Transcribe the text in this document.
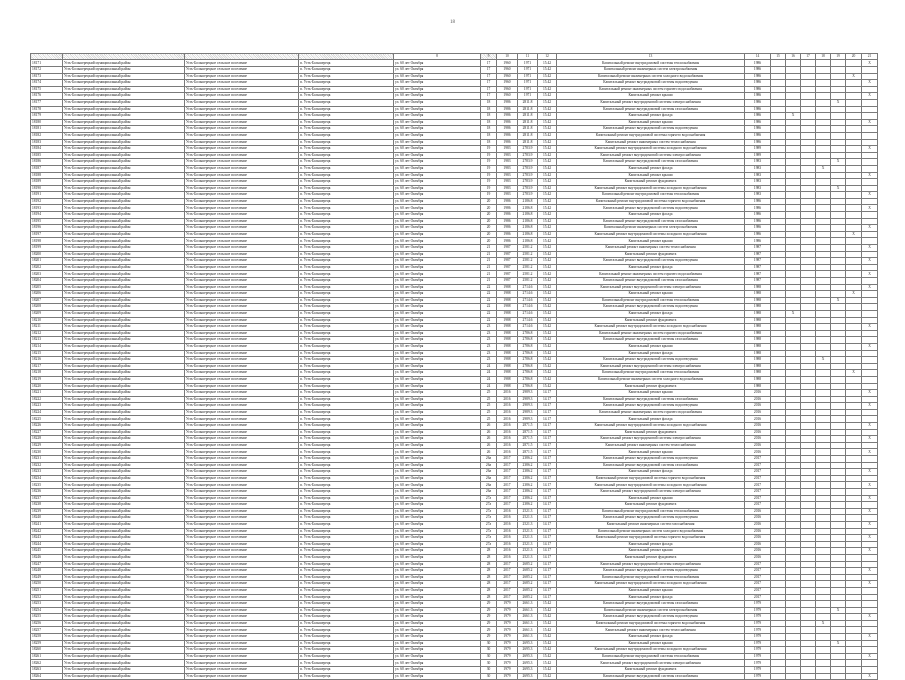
18
				8	9	10	11	12	13	14	15	16	17	18	19	20	21
18171	Усть-Большерецкий муниципальный район	Усть-Большерецкое сельское поселение	п. Усть-Большерецк	ул. 60 лет Октября	17	1960	1971	15.42	Капитальный ремонт внутридомовой системы теплоснабжения	1986							X
18172	Усть-Большерецкий муниципальный район	Усть-Большерецкое сельское поселение	п. Усть-Большерецк	ул. 60 лет Октября	17	1960	1971	15.42	Капитальный ремонт инженерных систем электроснабжения	1986							
18173	Усть-Большерецкий муниципальный район	Усть-Большерецкое сельское поселение	п. Усть-Большерецк	ул. 60 лет Октября	17	1960	1971	15.42	Капитальный ремонт инженерных систем холодного водоснабжения	1986						X	
18174	Усть-Большерецкий муниципальный район	Усть-Большерецкое сельское поселение	п. Усть-Большерецк	ул. 60 лет Октября	17	1960	1971	15.42	Капитальный ремонт внутридомовой системы водоотведения	1986							X
18175	Усть-Большерецкий муниципальный район	Усть-Большерецкое сельское поселение	п. Усть-Большерецк	ул. 60 лет Октября	17	1960	1971	15.42	Капитальный ремонт инженерных систем горячего водоснабжения	1986							
18176	Усть-Большерецкий муниципальный район	Усть-Большерецкое сельское поселение	п. Усть-Большерецк	ул. 60 лет Октября	17	1960	1971	15.42	Капитальный ремонт крыши	1986							X
18177	Усть-Большерецкий муниципальный район	Усть-Большерецкое сельское поселение	п. Усть-Большерецк	ул. 60 лет Октября	18	1986	2811.8	15.42	Капитальный ремонт внутридомовой системы электроснабжения	1986					X		
18178	Усть-Большерецкий муниципальный район	Усть-Большерецкое сельское поселение	п. Усть-Большерецк	ул. 60 лет Октября	18	1986	2811.8	15.42	Капитальный ремонт внутридомовой системы газоснабжения	1986							
18179	Усть-Большерецкий муниципальный район	Усть-Большерецкое сельское поселение	п. Усть-Большерецк	ул. 60 лет Октября	18	1986	2811.8	15.42	Капитальный ремонт фасада	1986		X					
18180	Усть-Большерецкий муниципальный район	Усть-Большерецкое сельское поселение	п. Усть-Большерецк	ул. 60 лет Октября	18	1986	2811.8	15.42	Капитальный ремонт крыши	1986							X
18181	Усть-Большерецкий муниципальный район	Усть-Большерецкое сельское поселение	п. Усть-Большерецк	ул. 60 лет Октября	18	1986	2811.8	15.42	Капитальный ремонт внутридомовой системы водоотведения	1986							
18182	Усть-Большерецкий муниципальный район	Усть-Большерецкое сельское поселение	п. Усть-Большерецк	ул. 60 лет Октября	18	1986	2811.8	15.42	Капитальный ремонт внутридомовой системы горячего водоснабжения	1986							
18183	Усть-Большерецкий муниципальный район	Усть-Большерецкое сельское поселение	п. Усть-Большерецк	ул. 60 лет Октября	18	1986	2811.8	15.42	Капитальный ремонт инженерных систем теплоснабжения	1986							
18184	Усть-Большерецкий муниципальный район	Усть-Большерецкое сельское поселение	п. Усть-Большерецк	ул. 60 лет Октября	19	1983	2783.9	15.42	Капитальный ремонт внутридомовой системы холодного водоснабжения	1989							X
18185	Усть-Большерецкий муниципальный район	Усть-Большерецкое сельское поселение	п. Усть-Большерецк	ул. 60 лет Октября	19	1983	2783.9	15.42	Капитальный ремонт внутридомовой системы электроснабжения	1989							
18186	Усть-Большерецкий муниципальный район	Усть-Большерецкое сельское поселение	п. Усть-Большерецк	ул. 60 лет Октября	19	1983	2783.9	15.42	Капитальный ремонт внутридомовой системы газоснабжения	1983					X		
18187	Усть-Большерецкий муниципальный район	Усть-Большерецкое сельское поселение	п. Усть-Большерецк	ул. 60 лет Октября	19	1983	2783.9	15.42	Капитальный ремонт фасада	1983				X			
18188	Усть-Большерецкий муниципальный район	Усть-Большерецкое сельское поселение	п. Усть-Большерецк	ул. 60 лет Октября	19	1983	2783.9	15.42	Капитальный ремонт крыши	1983							X
18189	Усть-Большерецкий муниципальный район	Усть-Большерецкое сельское поселение	п. Усть-Большерецк	ул. 60 лет Октября	19	1983	2783.9	15.42	Капитальный ремонт фундамента	1983							
18190	Усть-Большерецкий муниципальный район	Усть-Большерецкое сельское поселение	п. Усть-Большерецк	ул. 60 лет Октября	19	1983	2783.9	15.42	Капитальный ремонт внутридомовой системы холодного водоснабжения	1983					X		
18191	Усть-Большерецкий муниципальный район	Усть-Большерецкое сельское поселение	п. Усть-Большерецк	ул. 60 лет Октября	19	1983	2783.9	15.42	Капитальный ремонт внутридомовой системы теплоснабжения	1983							X
18192	Усть-Большерецкий муниципальный район	Усть-Большерецкое сельское поселение	п. Усть-Большерецк	ул. 60 лет Октября	20	1986	2186.8	15.42	Капитальный ремонт внутридомовой системы горячего водоснабжения	1986							
18193	Усть-Большерецкий муниципальный район	Усть-Большерецкое сельское поселение	п. Усть-Большерецк	ул. 60 лет Октября	20	1986	2186.8	15.42	Капитальный ремонт внутридомовой системы водоотведения	1986							X
18194	Усть-Большерецкий муниципальный район	Усть-Большерецкое сельское поселение	п. Усть-Большерецк	ул. 60 лет Октября	20	1986	2186.8	15.42	Капитальный ремонт фасада	1986							
18195	Усть-Большерецкий муниципальный район	Усть-Большерецкое сельское поселение	п. Усть-Большерецк	ул. 60 лет Октября	20	1986	2186.8	15.42	Капитальный ремонт внутридомовой системы газоснабжения	1986							
18196	Усть-Большерецкий муниципальный район	Усть-Большерецкое сельское поселение	п. Усть-Большерецк	ул. 60 лет Октября	20	1986	2186.8	15.42	Капитальный ремонт инженерных систем электроснабжения	1986							X
18197	Усть-Большерецкий муниципальный район	Усть-Большерецкое сельское поселение	п. Усть-Большерецк	ул. 60 лет Октября	20	1986	2186.8	15.42	Капитальный ремонт внутридомовой системы холодного водоснабжения	1986						X	
18198	Усть-Большерецкий муниципальный район	Усть-Большерецкое сельское поселение	п. Усть-Большерецк	ул. 60 лет Октября	20	1986	2186.8	15.42	Капитальный ремонт крыши	1986							
18199	Усть-Большерецкий муниципальный район	Усть-Большерецкое сельское поселение	п. Усть-Большерецк	ул. 60 лет Октября	21	1987	2581.2	15.42	Капитальный ремонт инженерных систем теплоснабжения	1987							X
18200	Усть-Большерецкий муниципальный район	Усть-Большерецкое сельское поселение	п. Усть-Большерецк	ул. 60 лет Октября	21	1987	2581.2	15.42	Капитальный ремонт фундамента	1987							
18201	Усть-Большерецкий муниципальный район	Усть-Большерецкое сельское поселение	п. Усть-Большерецк	ул. 60 лет Октября	21	1987	2581.2	15.42	Капитальный ремонт внутридомовой системы водоотведения	1987							X
18202	Усть-Большерецкий муниципальный район	Усть-Большерецкое сельское поселение	п. Усть-Большерецк	ул. 60 лет Октября	21	1987	2581.2	15.42	Капитальный ремонт фасада	1987							
18203	Усть-Большерецкий муниципальный район	Усть-Большерецкое сельское поселение	п. Усть-Большерецк	ул. 60 лет Октября	21	1987	2581.2	15.42	Капитальный ремонт инженерных систем горячего водоснабжения	1987							X
18204	Усть-Большерецкий муниципальный район	Усть-Большерецкое сельское поселение	п. Усть-Большерецк	ул. 60 лет Октября	21	1987	2581.2	15.42	Капитальный ремонт внутридомовой системы газоснабжения	1987							
18205	Усть-Большерецкий муниципальный район	Усть-Большерецкое сельское поселение	п. Усть-Большерецк	ул. 60 лет Октября	22	1988	2714.6	15.42	Капитальный ремонт внутридомовой системы электроснабжения	1988							X
18206	Усть-Большерецкий муниципальный район	Усть-Большерецкое сельское поселение	п. Усть-Большерецк	ул. 60 лет Октября	22	1988	2714.6	15.42	Капитальный ремонт крыши	1988						X	
18207	Усть-Большерецкий муниципальный район	Усть-Большерецкое сельское поселение	п. Усть-Большерецк	ул. 60 лет Октября	22	1988	2714.6	15.42	Капитальный ремонт внутридомовой системы теплоснабжения	1988					X		
18208	Усть-Большерецкий муниципальный район	Усть-Большерецкое сельское поселение	п. Усть-Большерецк	ул. 60 лет Октября	22	1988	2714.6	15.42	Капитальный ремонт внутридомовой системы водоотведения	1988							
18209	Усть-Большерецкий муниципальный район	Усть-Большерецкое сельское поселение	п. Усть-Большерецк	ул. 60 лет Октября	22	1988	2714.6	15.42	Капитальный ремонт фасада	1988		X					
18210	Усть-Большерецкий муниципальный район	Усть-Большерецкое сельское поселение	п. Усть-Большерецк	ул. 60 лет Октября	22	1988	2714.6	15.42	Капитальный ремонт фундамента	1988							
18211	Усть-Большерецкий муниципальный район	Усть-Большерецкое сельское поселение	п. Усть-Большерецк	ул. 60 лет Октября	23	1988	2714.6	15.42	Капитальный ремонт внутридомовой системы холодного водоснабжения	1988							X
18212	Усть-Большерецкий муниципальный район	Усть-Большерецкое сельское поселение	п. Усть-Большерецк	ул. 60 лет Октября	23	1988	2786.8	15.42	Капитальный ремонт инженерных систем горячего водоснабжения	1988							
18213	Усть-Большерецкий муниципальный район	Усть-Большерецкое сельское поселение	п. Усть-Большерецк	ул. 60 лет Октября	23	1988	2786.8	15.42	Капитальный ремонт внутридомовой системы газоснабжения	1988							
18214	Усть-Большерецкий муниципальный район	Усть-Большерецкое сельское поселение	п. Усть-Большерецк	ул. 60 лет Октября	23	1988	2786.8	15.42	Капитальный ремонт крыши	1988							X
18215	Усть-Большерецкий муниципальный район	Усть-Большерецкое сельское поселение	п. Усть-Большерецк	ул. 60 лет Октября	23	1988	2786.8	15.42	Капитальный ремонт фасада	1988							
18216	Усть-Большерецкий муниципальный район	Усть-Большерецкое сельское поселение	п. Усть-Большерецк	ул. 60 лет Октября	23	1988	2786.8	15.42	Капитальный ремонт внутридомовой системы водоотведения	1988				X			
18217	Усть-Большерецкий муниципальный район	Усть-Большерецкое сельское поселение	п. Усть-Большерецк	ул. 60 лет Октября	24	1988	2786.8	15.42	Капитальный ремонт внутридомовой системы электроснабжения	1988							
18218	Усть-Большерецкий муниципальный район	Усть-Большерецкое сельское поселение	п. Усть-Большерецк	ул. 60 лет Октября	24	1988	2786.8	15.42	Капитальный ремонт внутридомовой системы теплоснабжения	1988						X	
18219	Усть-Большерецкий муниципальный район	Усть-Большерецкое сельское поселение	п. Усть-Большерецк	ул. 60 лет Октября	24	1988	2786.8	15.42	Капитальный ремонт инженерных систем холодного водоснабжения	1988							
18220	Усть-Большерецкий муниципальный район	Усть-Большерецкое сельское поселение	п. Усть-Большерецк	ул. 60 лет Октября	24	1988	2786.8	15.42	Капитальный ремонт фундамента	1988							
18221	Усть-Большерецкий муниципальный район	Усть-Большерецкое сельское поселение	п. Усть-Большерецк	ул. 60 лет Октября	25	2016	2989.3	14.17	Капитальный ремонт крыши	2016							X
18222	Усть-Большерецкий муниципальный район	Усть-Большерецкое сельское поселение	п. Усть-Большерецк	ул. 60 лет Октября	25	2016	2989.3	14.17	Капитальный ремонт внутридомовой системы газоснабжения	2016							
18223	Усть-Большерецкий муниципальный район	Усть-Большерецкое сельское поселение	п. Усть-Большерецк	ул. 60 лет Октября	25	2016	2989.3	14.17	Капитальный ремонт внутридомовой системы водоотведения	2016							X
18224	Усть-Большерецкий муниципальный район	Усть-Большерецкое сельское поселение	п. Усть-Большерецк	ул. 60 лет Октября	25	2016	2989.3	14.17	Капитальный ремонт инженерных систем горячего водоснабжения	2016							
18225	Усть-Большерецкий муниципальный район	Усть-Большерецкое сельское поселение	п. Усть-Большерецк	ул. 60 лет Октября	25	2016	2989.3	14.17	Капитальный ремонт фасада	2016							
18226	Усть-Большерецкий муниципальный район	Усть-Большерецкое сельское поселение	п. Усть-Большерецк	ул. 60 лет Октября	26	2016	2871.5	14.17	Капитальный ремонт внутридомовой системы холодного водоснабжения	2016							X
18227	Усть-Большерецкий муниципальный район	Усть-Большерецкое сельское поселение	п. Усть-Большерецк	ул. 60 лет Октября	26	2016	2871.5	14.17	Капитальный ремонт фундамента	2016							
18228	Усть-Большерецкий муниципальный район	Усть-Большерецкое сельское поселение	п. Усть-Большерецк	ул. 60 лет Октября	26	2016	2871.5	14.17	Капитальный ремонт внутридомовой системы электроснабжения	2016							X
18229	Усть-Большерецкий муниципальный район	Усть-Большерецкое сельское поселение	п. Усть-Большерецк	ул. 60 лет Октября	26	2016	2871.5	14.17	Капитальный ремонт инженерных систем теплоснабжения	2016							
18230	Усть-Большерецкий муниципальный район	Усть-Большерецкое сельское поселение	п. Усть-Большерецк	ул. 60 лет Октября	26	2016	2871.5	14.17	Капитальный ремонт крыши	2016							X
18231	Усть-Большерецкий муниципальный район	Усть-Большерецкое сельское поселение	п. Усть-Большерецк	ул. 60 лет Октября	26а	2017	2386.2	14.17	Капитальный ремонт внутридомовой системы водоотведения	2017							
18232	Усть-Большерецкий муниципальный район	Усть-Большерецкое сельское поселение	п. Усть-Большерецк	ул. 60 лет Октября	26а	2017	2386.2	14.17	Капитальный ремонт внутридомовой системы газоснабжения	2017							
18233	Усть-Большерецкий муниципальный район	Усть-Большерецкое сельское поселение	п. Усть-Большерецк	ул. 60 лет Октября	26а	2017	2386.2	14.17	Капитальный ремонт фасада	2017							X
18234	Усть-Большерецкий муниципальный район	Усть-Большерецкое сельское поселение	п. Усть-Большерецк	ул. 60 лет Октября	26а	2017	2386.2	14.17	Капитальный ремонт внутридомовой системы горячего водоснабжения	2017							
18235	Усть-Большерецкий муниципальный район	Усть-Большерецкое сельское поселение	п. Усть-Большерецк	ул. 60 лет Октября	26а	2017	2386.2	14.17	Капитальный ремонт внутридомовой системы холодного водоснабжения	2017							X
18236	Усть-Большерецкий муниципальный район	Усть-Большерецкое сельское поселение	п. Усть-Большерецк	ул. 60 лет Октября	26а	2017	2386.2	14.17	Капитальный ремонт внутридомовой системы электроснабжения	2017							
18237	Усть-Большерецкий муниципальный район	Усть-Большерецкое сельское поселение	п. Усть-Большерецк	ул. 60 лет Октября	27а	2017	2386.2	14.17	Капитальный ремонт крыши	2017							X
18238	Усть-Большерецкий муниципальный район	Усть-Большерецкое сельское поселение	п. Усть-Большерецк	ул. 60 лет Октября	27а	2017	2386.2	14.17	Капитальный ремонт фундамента	2017							
18239	Усть-Большерецкий муниципальный район	Усть-Большерецкое сельское поселение	п. Усть-Большерецк	ул. 60 лет Октября	27а	2016	2521.3	14.17	Капитальный ремонт внутридомовой системы теплоснабжения	2016							X
18240	Усть-Большерецкий муниципальный район	Усть-Большерецкое сельское поселение	п. Усть-Большерецк	ул. 60 лет Октября	27а	2016	2521.3	14.17	Капитальный ремонт внутридомовой системы водоотведения	2016							
18241	Усть-Большерецкий муниципальный район	Усть-Большерецкое сельское поселение	п. Усть-Большерецк	ул. 60 лет Октября	27а	2016	2521.3	14.17	Капитальный ремонт инженерных систем газоснабжения	2016							X
18242	Усть-Большерецкий муниципальный район	Усть-Большерецкое сельское поселение	п. Усть-Большерецк	ул. 60 лет Октября	27а	2016	2521.3	14.17	Капитальный ремонт инженерных систем холодного водоснабжения	2016							
18243	Усть-Большерецкий муниципальный район	Усть-Большерецкое сельское поселение	п. Усть-Большерецк	ул. 60 лет Октября	27а	2016	2521.3	14.17	Капитальный ремонт внутридомовой системы горячего водоснабжения	2016							X
18244	Усть-Большерецкий муниципальный район	Усть-Большерецкое сельское поселение	п. Усть-Большерецк	ул. 60 лет Октября	27а	2016	2521.3	14.17	Капитальный ремонт фасада	2016							
18245	Усть-Большерецкий муниципальный район	Усть-Большерецкое сельское поселение	п. Усть-Большерецк	ул. 60 лет Октября	28	2016	2521.3	14.17	Капитальный ремонт крыши	2016							X
18246	Усть-Большерецкий муниципальный район	Усть-Большерецкое сельское поселение	п. Усть-Большерецк	ул. 60 лет Октября	28	2016	2521.3	14.17	Капитальный ремонт фундамента	2016							
18247	Усть-Большерецкий муниципальный район	Усть-Большерецкое сельское поселение	п. Усть-Большерецк	ул. 60 лет Октября	28	2017	2685.2	14.17	Капитальный ремонт внутридомовой системы электроснабжения	2017							
18248	Усть-Большерецкий муниципальный район	Усть-Большерецкое сельское поселение	п. Усть-Большерецк	ул. 60 лет Октября	28	2017	2685.2	14.17	Капитальный ремонт внутридомовой системы водоотведения	2017							X
18249	Усть-Большерецкий муниципальный район	Усть-Большерецкое сельское поселение	п. Усть-Большерецк	ул. 60 лет Октября	28	2017	2685.2	14.17	Капитальный ремонт внутридомовой системы теплоснабжения	2017							
18250	Усть-Большерецкий муниципальный район	Усть-Большерецкое сельское поселение	п. Усть-Большерецк	ул. 60 лет Октября	28	2017	2685.2	14.17	Капитальный ремонт внутридомовой системы холодного водоснабжения	2017							X
18251	Усть-Большерецкий муниципальный район	Усть-Большерецкое сельское поселение	п. Усть-Большерецк	ул. 60 лет Октября	28	2017	2685.2	14.17	Капитальный ремонт крыши	2017							
18252	Усть-Большерецкий муниципальный район	Усть-Большерецкое сельское поселение	п. Усть-Большерецк	ул. 60 лет Октября	28	2017	2685.2	14.17	Капитальный ремонт фасада	2017							
18253	Усть-Большерецкий муниципальный район	Усть-Большерецкое сельское поселение	п. Усть-Большерецк	ул. 60 лет Октября	29	1979	2661.3	15.42	Капитальный ремонт внутридомовой системы газоснабжения	1979							
18254	Усть-Большерецкий муниципальный район	Усть-Большерецкое сельское поселение	п. Усть-Большерецк	ул. 60 лет Октября	29	1979	2661.3	15.42	Капитальный ремонт инженерных систем электроснабжения	1979					X		
18255	Усть-Большерецкий муниципальный район	Усть-Большерецкое сельское поселение	п. Усть-Большерецк	ул. 60 лет Октября	29	1979	2661.3	15.42	Капитальный ремонт внутридомовой системы водоотведения	1979							X
18256	Усть-Большерецкий муниципальный район	Усть-Большерецкое сельское поселение	п. Усть-Большерецк	ул. 60 лет Октября	29	1979	2661.3	15.42	Капитальный ремонт внутридомовой системы горячего водоснабжения	1979				X			
18257	Усть-Большерецкий муниципальный район	Усть-Большерецкое сельское поселение	п. Усть-Большерецк	ул. 60 лет Октября	29	1979	2661.3	15.42	Капитальный ремонт инженерных систем теплоснабжения	1979							
18258	Усть-Большерецкий муниципальный район	Усть-Большерецкое сельское поселение	п. Усть-Большерецк	ул. 60 лет Октября	29	1979	2661.3	15.42	Капитальный ремонт фасада	1979							X
18259	Усть-Большерецкий муниципальный район	Усть-Большерецкое сельское поселение	п. Усть-Большерецк	ул. 60 лет Октября	30	1979	2695.3	15.42	Капитальный ремонт крыши	1979					X		
18260	Усть-Большерецкий муниципальный район	Усть-Большерецкое сельское поселение	п. Усть-Большерецк	ул. 60 лет Октября	30	1979	2695.3	15.42	Капитальный ремонт внутридомовой системы холодного водоснабжения	1979							
18261	Усть-Большерецкий муниципальный район	Усть-Большерецкое сельское поселение	п. Усть-Большерецк	ул. 60 лет Октября	30	1979	2695.3	15.42	Капитальный ремонт внутридомовой системы теплоснабжения	1979							X
18262	Усть-Большерецкий муниципальный район	Усть-Большерецкое сельское поселение	п. Усть-Большерецк	ул. 60 лет Октября	30	1979	2695.3	15.42	Капитальный ремонт внутридомовой системы электроснабжения	1979							
18263	Усть-Большерецкий муниципальный район	Усть-Большерецкое сельское поселение	п. Усть-Большерецк	ул. 60 лет Октября	30	1979	2695.3	15.42	Капитальный ремонт фундамента	1979							
18264	Усть-Большерецкий муниципальный район	Усть-Большерецкое сельское поселение	п. Усть-Большерецк	ул. 60 лет Октября	30	1979	2695.3	15.42	Капитальный ремонт внутридомовой системы газоснабжения	1979							X
